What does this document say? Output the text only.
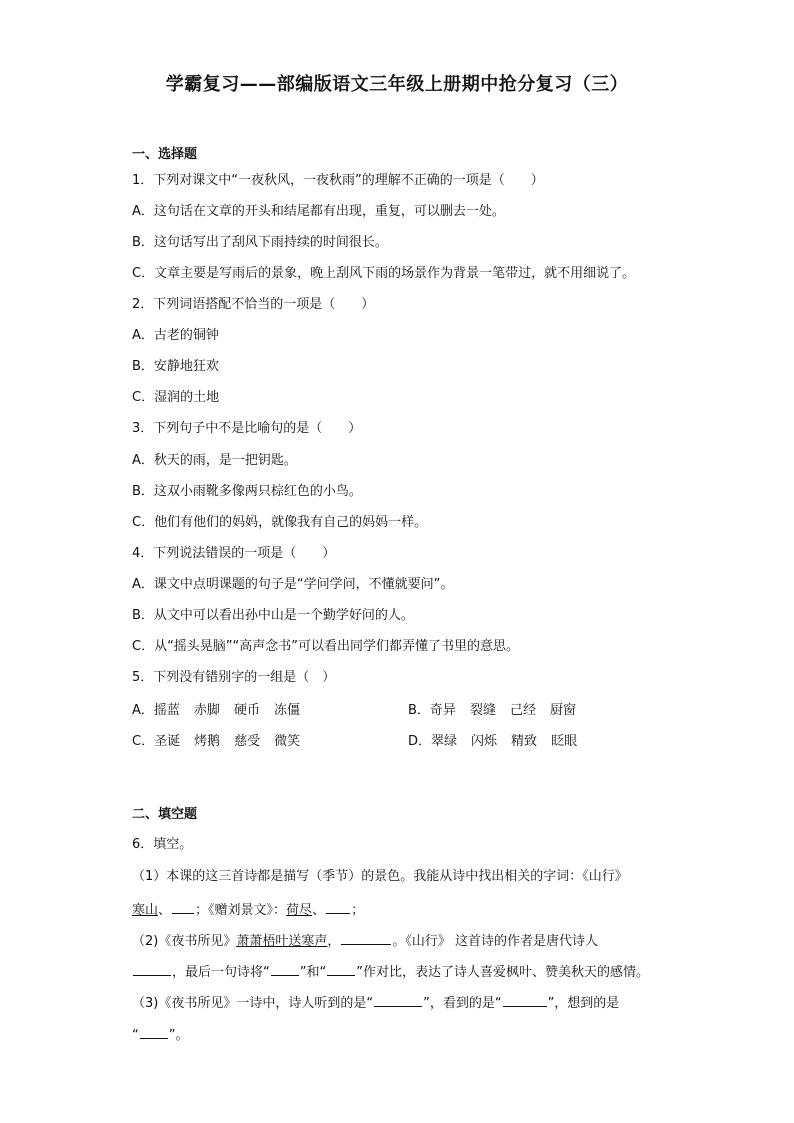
学霸复习——部编版语文三年级上册期中抢分复习（三）
一、选择题
1．下列对课文中“一夜秋风，一夜秋雨”的理解不正确的一项是（　　）
A．这句话在文章的开头和结尾都有出现，重复，可以删去一处。
B．这句话写出了刮风下雨持续的时间很长。
C．文章主要是写雨后的景象，晚上刮风下雨的场景作为背景一笔带过，就不用细说了。
2．下列词语搭配不恰当的一项是（　　）
A．古老的铜钟
B．安静地狂欢
C．湿润的土地
3．下列句子中不是比喻句的是（　　）
A．秋天的雨，是一把钥匙。
B．这双小雨靴多像两只棕红色的小鸟。
C．他们有他们的妈妈，就像我有自己的妈妈一样。
4．下列说法错误的一项是（　　）
A．课文中点明课题的句子是“学问学问，不懂就要问”。
B．从文中可以看出孙中山是一个勤学好问的人。
C．从“摇头晃脑”“高声念书”可以看出同学们都弄懂了书里的意思。
5．下列没有错别字的一组是（　）
A．摇蓝 赤脚 硬币 冻僵	B．奇异 裂缝 己经 厨窗
C．圣诞 烤鹅 慈受 微笑	D．翠绿 闪烁 精致 眨眼
二、填空题
6．填空。
（1）本课的这三首诗都是描写（季节）的景色。我能从诗中找出相关的字词：《山行》
寒山、 ；《赠刘景文》：荷尽、 ；
（2)《夜书所见》萧萧梧叶送寒声，	。《山行》 这首诗的作者是唐代诗人
，最后一句诗将“ ”和“ ”作对比，表达了诗人喜爱枫叶、赞美秋天的感情。
（3)《夜书所见》一诗中，诗人听到的是“	”，看到的是“	”，想到的是
“ ”。
